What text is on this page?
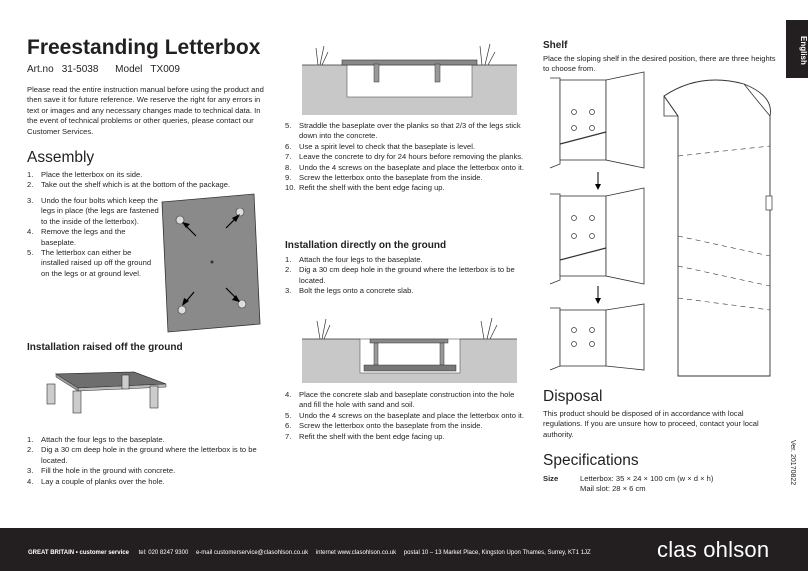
Freestanding Letterbox
Art.no 31-5038 Model TX009

Please read the entire instruction manual before using the product and then save it for future reference. We reserve the right for any errors in text or images and any necessary changes made to technical data. In the event of technical problems or other queries, please contact our Customer Services.

Assembly
1. Place the letterbox on its side.
2. Take out the shelf which is at the bottom of the package.
3. Undo the four bolts which keep the legs in place (the legs are fastened to the inside of the letterbox).
4. Remove the legs and the baseplate.
5. The letterbox can either be installed raised up off the ground on the legs or at ground level.
Installation raised off the ground
1. Attach the four legs to the baseplate.
2. Dig a 30 cm deep hole in the ground where the letterbox is to be located.
3. Fill the hole in the ground with concrete.
4. Lay a couple of planks over the hole.
5. Straddle the baseplate over the planks so that 2/3 of the legs stick down into the concrete.
6. Use a spirit level to check that the baseplate is level.
7. Leave the concrete to dry for 24 hours before removing the planks.
8. Undo the 4 screws on the baseplate and place the letterbox onto it.
9. Screw the letterbox onto the baseplate from the inside.
10. Refit the shelf with the bent edge facing up.
Installation directly on the ground
1. Attach the four legs to the baseplate.
2. Dig a 30 cm deep hole in the ground where the letterbox is to be located.
3. Bolt the legs onto a concrete slab.
4. Place the concrete slab and baseplate construction into the hole and fill the hole with sand and soil.
5. Undo the 4 screws on the baseplate and place the letterbox onto it.
6. Screw the letterbox onto the baseplate from the inside.
7. Refit the shelf with the bent edge facing up.
Shelf

Place the sloping shelf in the desired position, there are three heights to choose from.

Disposal

This product should be disposed of in accordance with local regulations. If you are unsure how to proceed, contact your local authority.

Specifications
Size	Letterbox: 35 × 24 × 100 cm (w × d × h)
Mail slot: 28 × 6 cm
English
Ver. 20170822
GREAT BRITAIN • customer service tel: 020 8247 9300 e-mail customerservice@clasohlson.co.uk internet www.clasohlson.co.uk postal 10 – 13 Market Place, Kingston Upon Thames, Surrey, KT1 1JZ	clas ohlson
